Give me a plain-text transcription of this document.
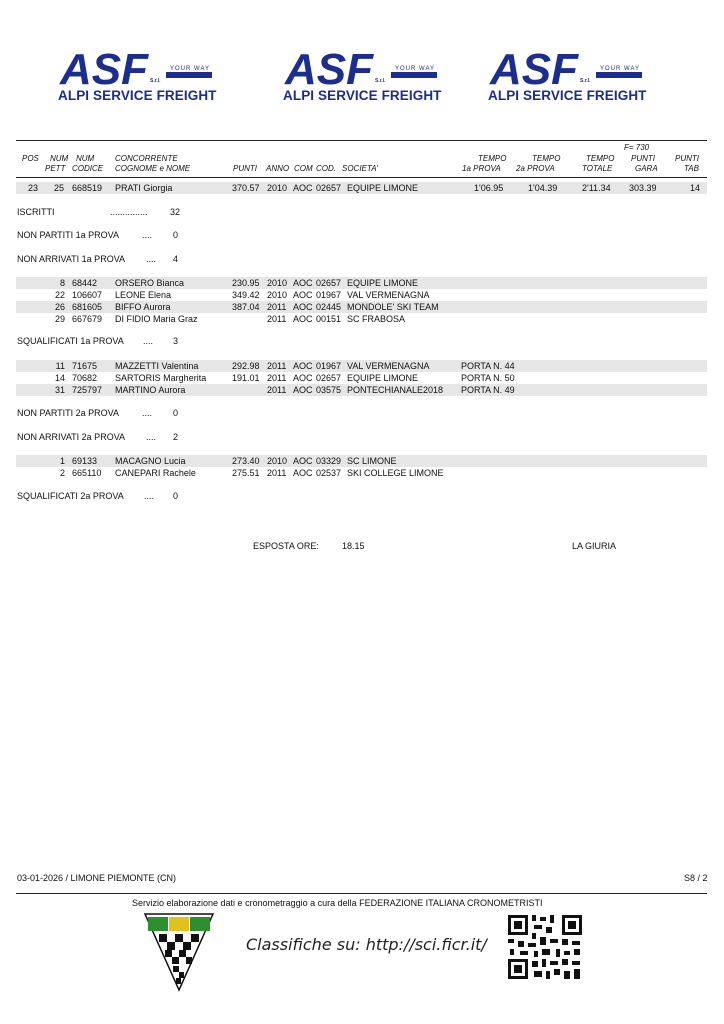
ASF	YOUR WAY
S.r.l.
ALPI SERVICE FREIGHT
ASF	YOUR WAY
S.r.l.
ALPI SERVICE FREIGHT
ASF	YOUR WAY
S.r.l.
ALPI SERVICE FREIGHT
F= 730
POS NUM
PETT
NUM
CODICE
CONCORRENTE
COGNOME e NOME	PUNTI ANNO COM COD. SOCIETA'
TEMPO
1a PROVA
TEMPO
2a PROVA
TEMPO
TOTALE
PUNTI
GARA
PUNTI
TAB
23 25 668519 PRATI Giorgia	370.57 2010 AOC 02657 EQUIPE LIMONE	1'06.95	1'04.39	2'11.34 303.39	14
ISCRITTI	............... 32
NON PARTITI 1a PROVA	.... 0
NON ARRIVATI 1a PROVA .... 4
8 68442 ORSERO Bianca	230.95 2010 AOC 02657 EQUIPE LIMONE
22 106607 LEONE Elena	349.42 2010 AOC 01967 VAL VERMENAGNA
26 681605 BIFFO Aurora	387.04 2011 AOC 02445 MONDOLE' SKI TEAM
29 667679 DI FIDIO Maria Graz	2011 AOC 00151 SC FRABOSA
SQUALIFICATI 1a PROVA .... 3
11 71675 MAZZETTI Valentina	292.98 2011 AOC 01967 VAL VERMENAGNA	PORTA N. 44
14 70682 SARTORIS Margherita	191.01 2011 AOC 02657 EQUIPE LIMONE	PORTA N. 50
31 725797 MARTINO Aurora	2011 AOC 03575 PONTECHIANALE2018 PORTA N. 49
NON PARTITI 2a PROVA	.... 0
NON ARRIVATI 2a PROVA .... 2
1 69133 MACAGNO Lucia	273.40 2010 AOC 03329 SC LIMONE
2 665110 CANEPARI Rachele	275.51 2011 AOC 02537 SKI COLLEGE LIMONE
SQUALIFICATI 2a PROVA .... 0
ESPOSTA ORE:	18.15	LA GIURIA
03-01-2026 / LIMONE PIEMONTE (CN)	S8 / 2
Servizio elaborazione dati e cronometraggio a cura della FEDERAZIONE ITALIANA CRONOMETRISTI
Classifiche su: http://sci.ficr.it/
